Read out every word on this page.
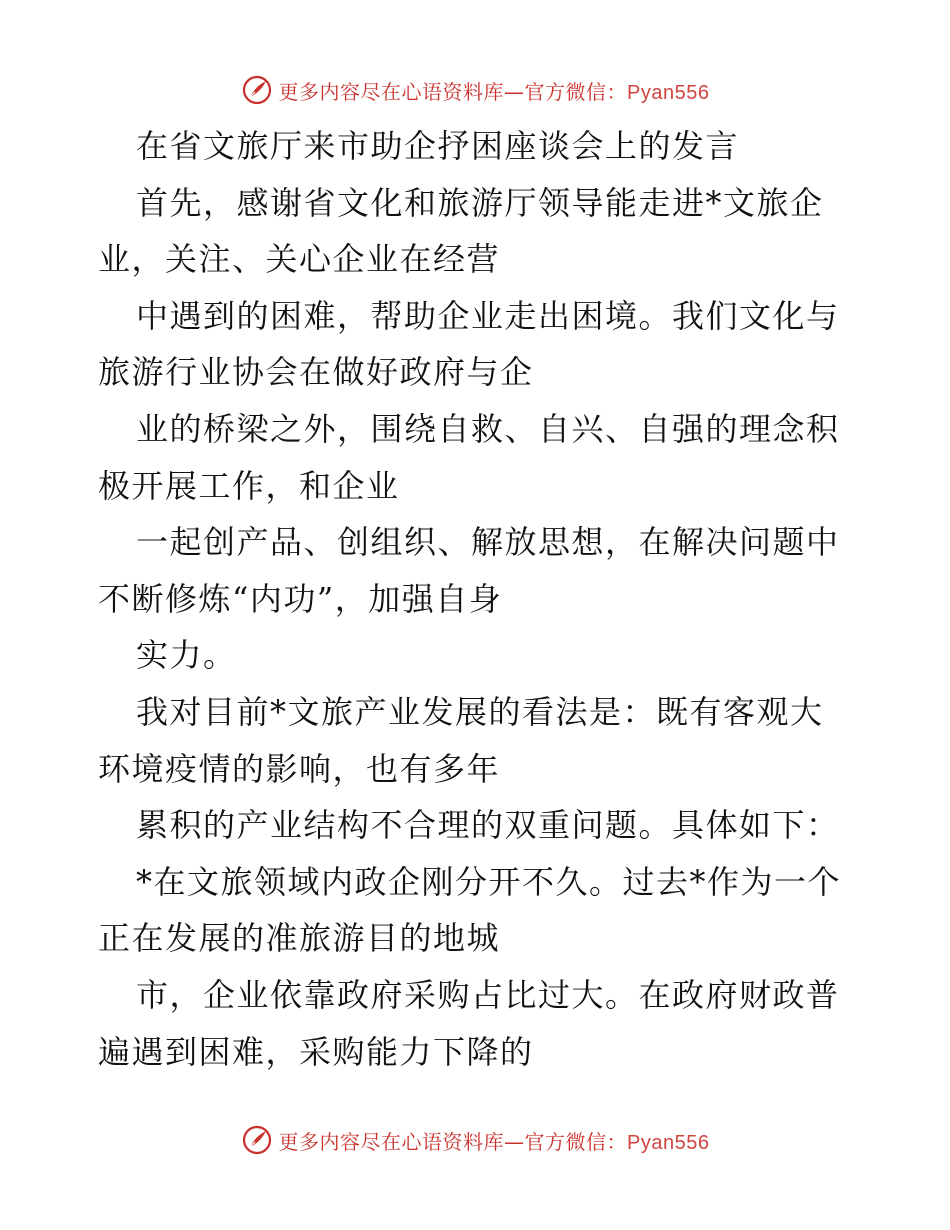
更多内容尽在心语资料库—官方微信：Pyan556
在省文旅厅来市助企抒困座谈会上的发言
首先，感谢省文化和旅游厅领导能走进*文旅企
业，关注、关心企业在经营
中遇到的困难，帮助企业走出困境。我们文化与
旅游行业协会在做好政府与企
业的桥梁之外，围绕自救、自兴、自强的理念积
极开展工作，和企业
一起创产品、创组织、解放思想，在解决问题中
不断修炼“内功”，加强自身
实力。
我对目前*文旅产业发展的看法是：既有客观大
环境疫情的影响，也有多年
累积的产业结构不合理的双重问题。具体如下：
*在文旅领域内政企刚分开不久。过去*作为一个
正在发展的准旅游目的地城
市，企业依靠政府采购占比过大。在政府财政普
遍遇到困难，采购能力下降的
更多内容尽在心语资料库—官方微信：Pyan556
